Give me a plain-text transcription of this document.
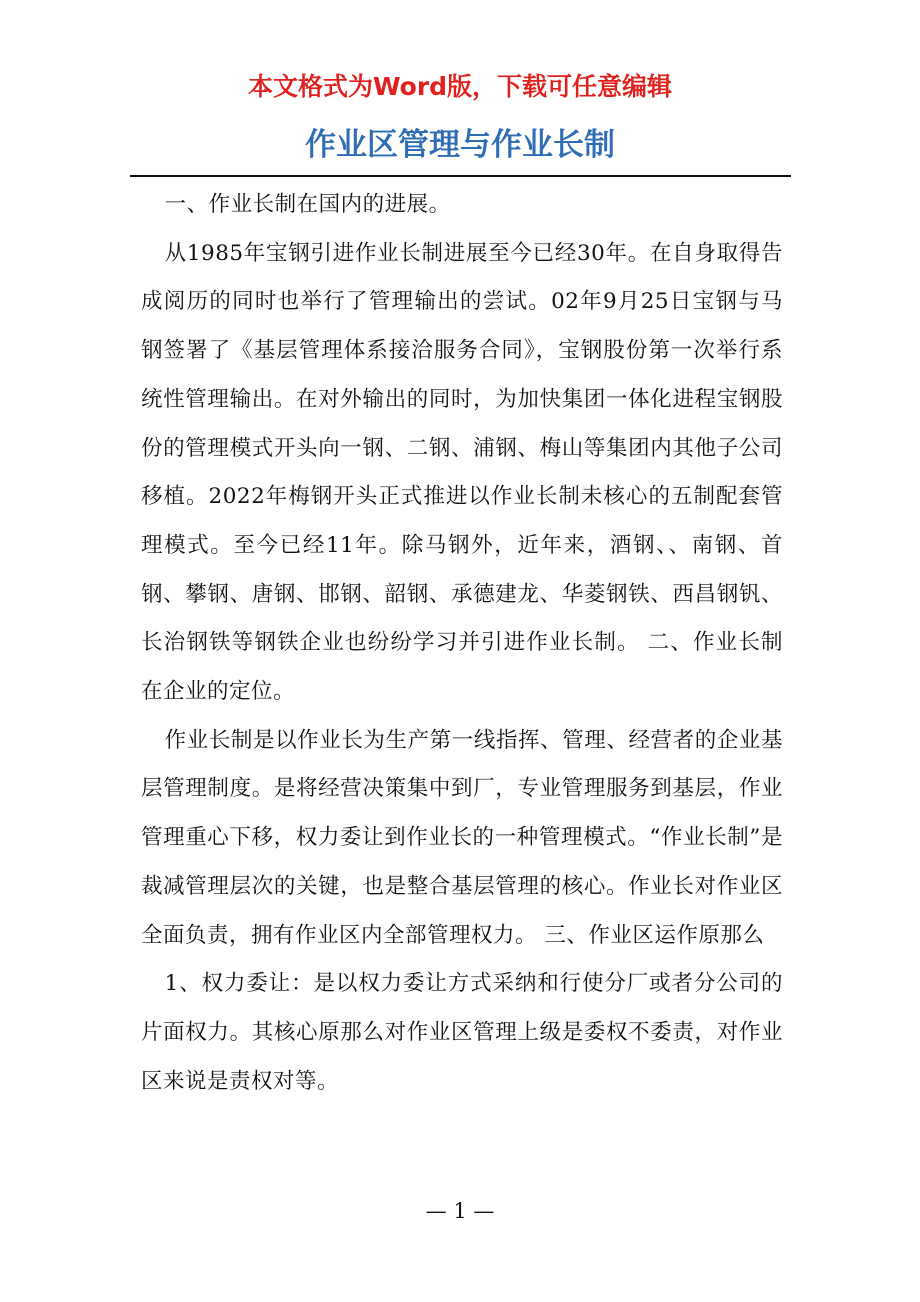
本文格式为Word版，下载可任意编辑
作业区管理与作业长制

一、作业长制在国内的进展。

从1985年宝钢引进作业长制进展至今已经30年。在自身取得告成阅历的同时也举行了管理输出的尝试。02年9月25日宝钢与马钢签署了《基层管理体系接洽服务合同》，宝钢股份第一次举行系统性管理输出。在对外输出的同时，为加快集团一体化进程宝钢股份的管理模式开头向一钢、二钢、浦钢、梅山等集团内其他子公司移植。2022年梅钢开头正式推进以作业长制未核心的五制配套管理模式。至今已经11年。除马钢外，近年来，酒钢、、南钢、首钢、攀钢、唐钢、邯钢、韶钢、承德建龙、华菱钢铁、西昌钢钒、长治钢铁等钢铁企业也纷纷学习并引进作业长制。 二、作业长制在企业的定位。

作业长制是以作业长为生产第一线指挥、管理、经营者的企业基层管理制度。是将经营决策集中到厂，专业管理服务到基层，作业管理重心下移，权力委让到作业长的一种管理模式。“作业长制”是裁减管理层次的关键，也是整合基层管理的核心。作业长对作业区全面负责，拥有作业区内全部管理权力。 三、作业区运作原那么

1、权力委让：是以权力委让方式采纳和行使分厂或者分公司的片面权力。其核心原那么对作业区管理上级是委权不委责，对作业区来说是责权对等。

— 1 —
